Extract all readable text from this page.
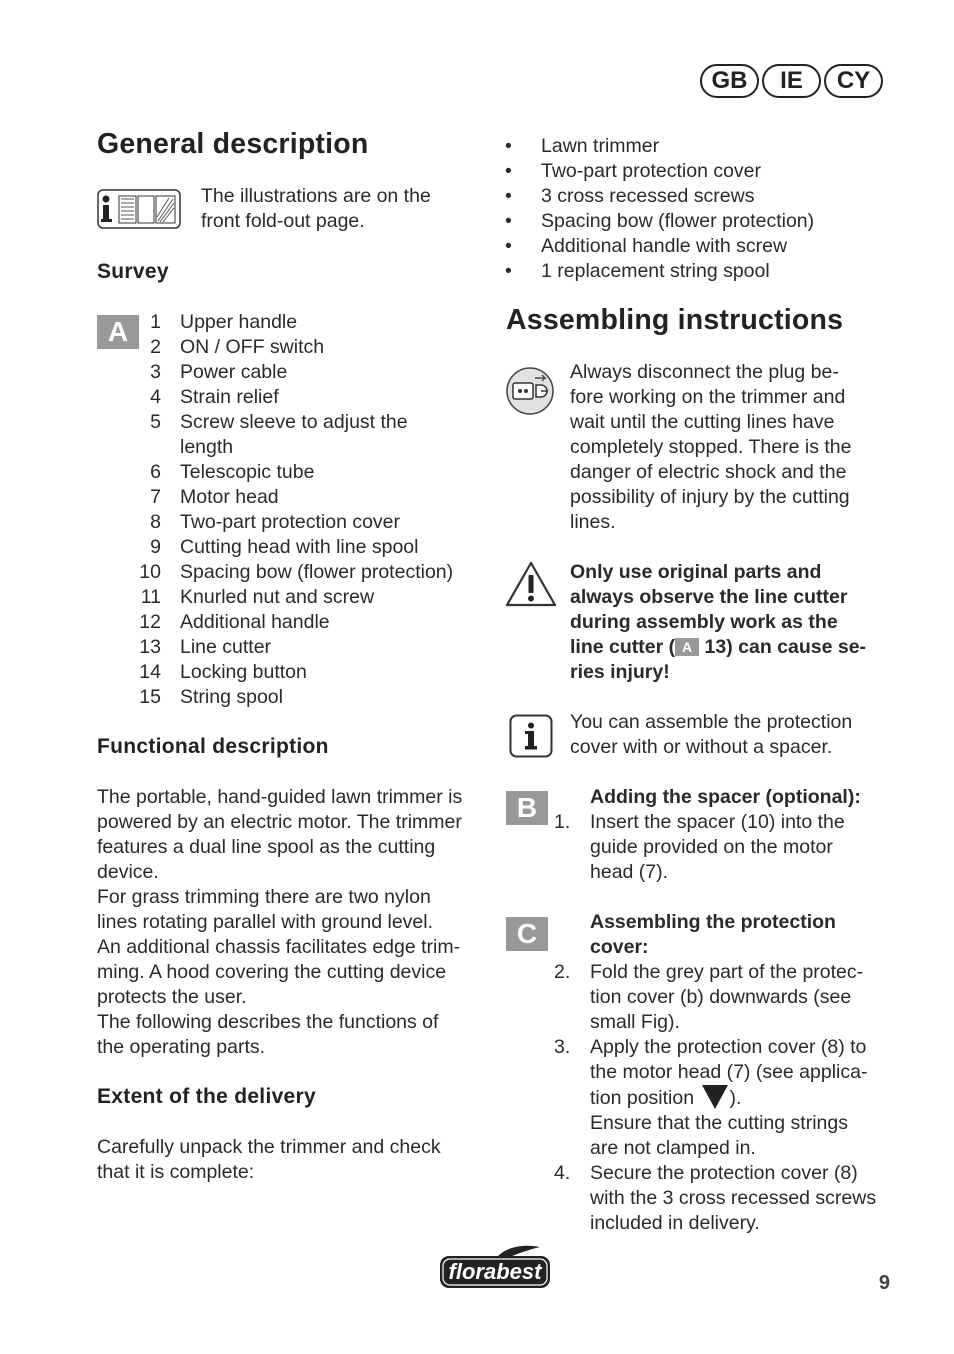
GB	IE	CY
General description
The illustrations are on the
front fold-out page.
Survey
A	1 Upper handle
2 ON / OFF switch
3 Power cable
4 Strain relief
5 Screw sleeve to adjust the length
6 Telescopic tube
7 Motor head
8 Two-part protection cover
9 Cutting head with line spool
10 Spacing bow (flower protection)
11 Knurled nut and screw
12 Additional handle
13 Line cutter
14 Locking button
15 String spool
Functional description
The portable, hand-guided lawn trimmer is
powered by an electric motor. The trimmer
features a dual line spool as the cutting
device.
For grass trimming there are two nylon
lines rotating parallel with ground level.
An additional chassis facilitates edge trim-
ming. A hood covering the cutting device
protects the user.
The following describes the functions of
the operating parts.
Extent of the delivery
Carefully unpack the trimmer and check
that it is complete:
•	Lawn trimmer
•	Two-part protection cover
•	3 cross recessed screws
•	Spacing bow (flower protection)
•	Additional handle with screw
•	1 replacement string spool
Assembling instructions
Always disconnect the plug be-
fore working on the trimmer and
wait until the cutting lines have
completely stopped. There is the
danger of electric shock and the
possibility of injury by the cutting
lines.
Only use original parts and
always observe the line cutter
during assembly work as the
line cutter ( A 13) can cause se-
ries injury!
You can assemble the protection
cover with or without a spacer.
B	Adding the spacer (optional):
1.	Insert the spacer (10) into the
guide provided on the motor
head (7).
C	Assembling the protection
cover:
2.	Fold the grey part of the protec-
tion cover (b) downwards (see
small Fig).
3.	Apply the protection cover (8) to
the motor head (7) (see applica-
tion position ).
Ensure that the cutting strings
are not clamped in.
4.	Secure the protection cover (8)
with the 3 cross recessed screws
included in delivery.
florabest	9
